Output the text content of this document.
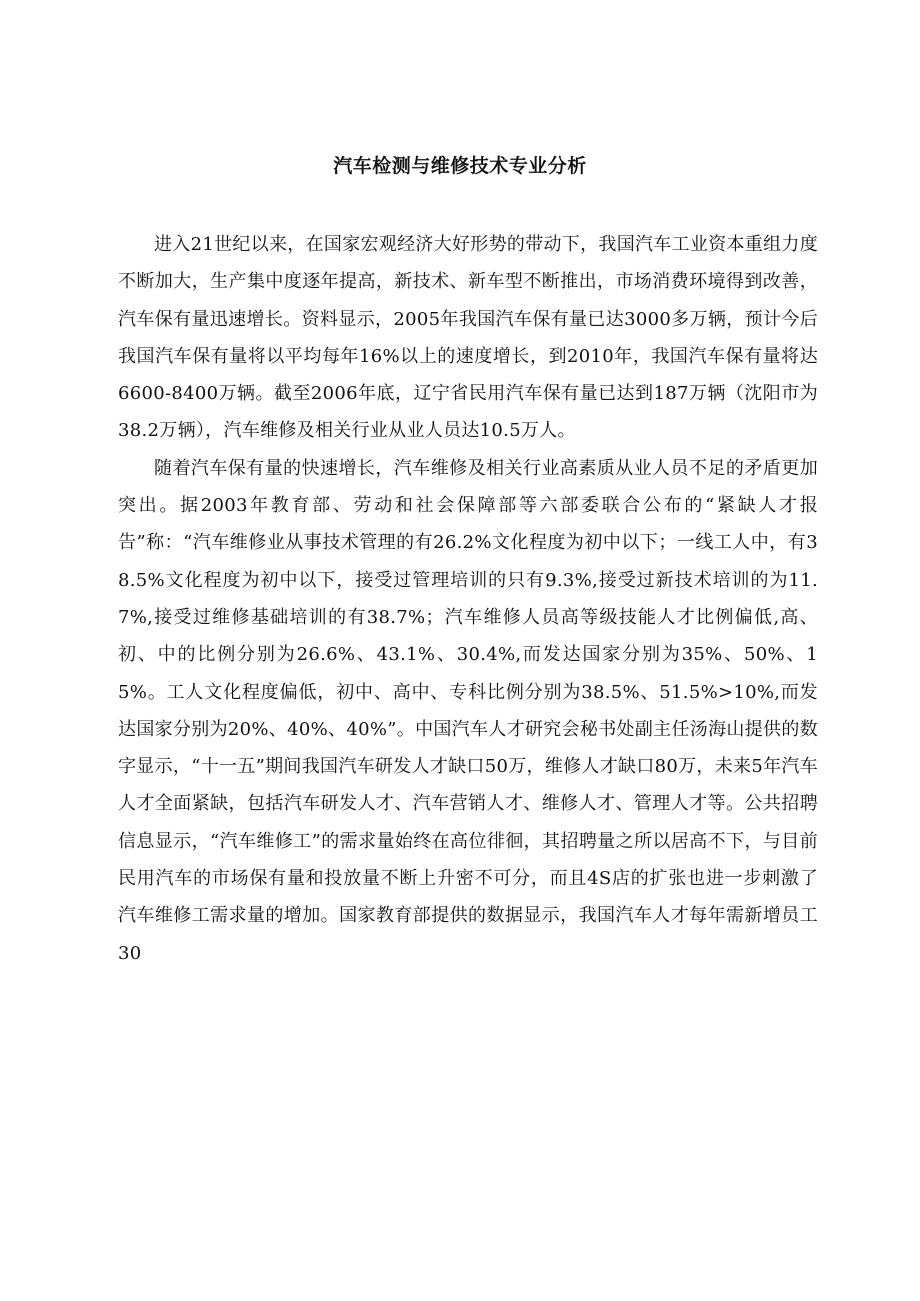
汽车检测与维修技术专业分析

进入21世纪以来，在国家宏观经济大好形势的带动下，我国汽车工业资本重组力度不断加大，生产集中度逐年提高，新技术、新车型不断推出，市场消费环境得到改善，汽车保有量迅速增长。资料显示，2005年我国汽车保有量已达3000多万辆，预计今后我国汽车保有量将以平均每年16%以上的速度增长，到2010年，我国汽车保有量将达6600-8400万辆。截至2006年底，辽宁省民用汽车保有量已达到187万辆（沈阳市为38.2万辆），汽车维修及相关行业从业人员达10.5万人。

随着汽车保有量的快速增长，汽车维修及相关行业高素质从业人员不足的矛盾更加突出。据2003年教育部、劳动和社会保障部等六部委联合公布的“紧缺人才报告”称：“汽车维修业从事技术管理的有26.2%文化程度为初中以下；一线工人中，有38.5%文化程度为初中以下，接受过管理培训的只有9.3%,接受过新技术培训的为11.7%,接受过维修基础培训的有38.7%；汽车维修人员高等级技能人才比例偏低,高、初、中的比例分别为26.6%、43.1%、30.4%,而发达国家分别为35%、50%、15%。工人文化程度偏低，初中、高中、专科比例分别为38.5%、51.5%>10%,而发达国家分别为20%、40%、40%”。中国汽车人才研究会秘书处副主任汤海山提供的数字显示，“十一五”期间我国汽车研发人才缺口50万，维修人才缺口80万，未来5年汽车人才全面紧缺，包括汽车研发人才、汽车营销人才、维修人才、管理人才等。公共招聘信息显示，“汽车维修工”的需求量始终在高位徘徊，其招聘量之所以居高不下，与目前民用汽车的市场保有量和投放量不断上升密不可分，而且4S店的扩张也进一步刺激了汽车维修工需求量的增加。国家教育部提供的数据显示，我国汽车人才每年需新增员工30
